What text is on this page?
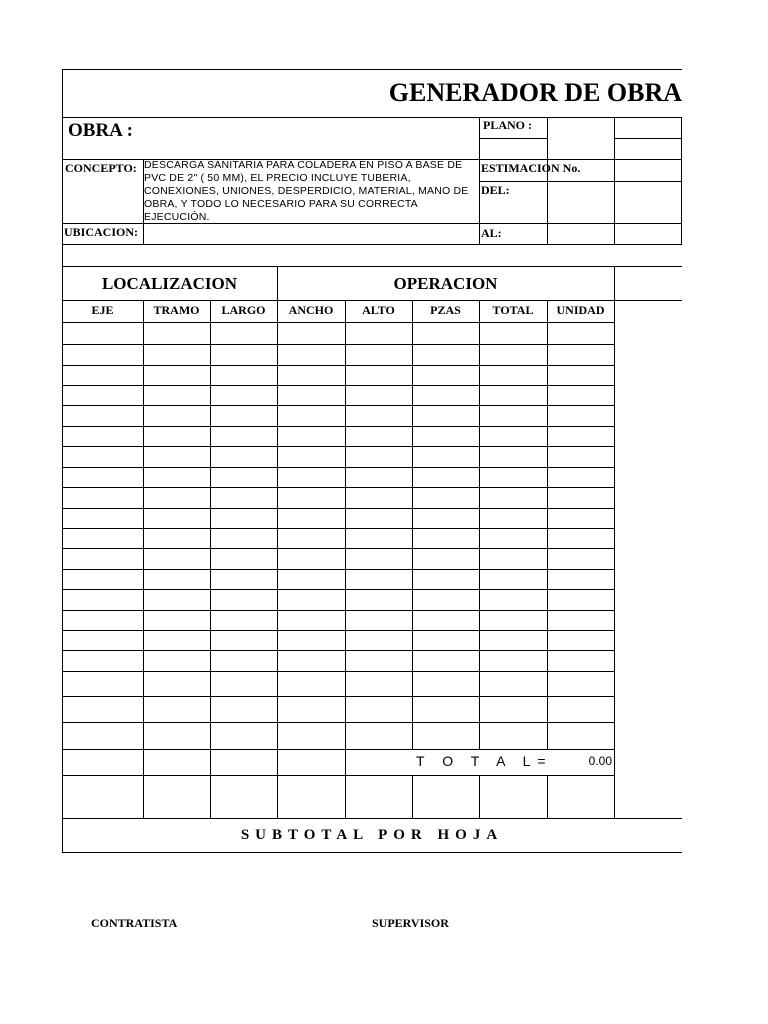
GENERADOR DE OBRA
OBRA :	PLANO :
CONCEPTO: DESCARGA SANITARIA PARA COLADERA EN PISO A BASE DE PVC DE 2" ( 50 MM), EL PRECIO INCLUYE TUBERIA, CONEXIONES, UNIONES, DESPERDICIO, MATERIAL, MANO DE OBRA, Y TODO LO NECESARIO PARA SU CORRECTA EJECUCIÓN.
ESTIMACION No.
DEL:
UBICACION:	AL:
LOCALIZACION	OPERACION
EJE	TRAMO	LARGO	ANCHO	ALTO	PZAS	TOTAL	UNIDAD
T O T A L=	0.00
SUBTOTAL POR HOJA
CONTRATISTA	SUPERVISOR
